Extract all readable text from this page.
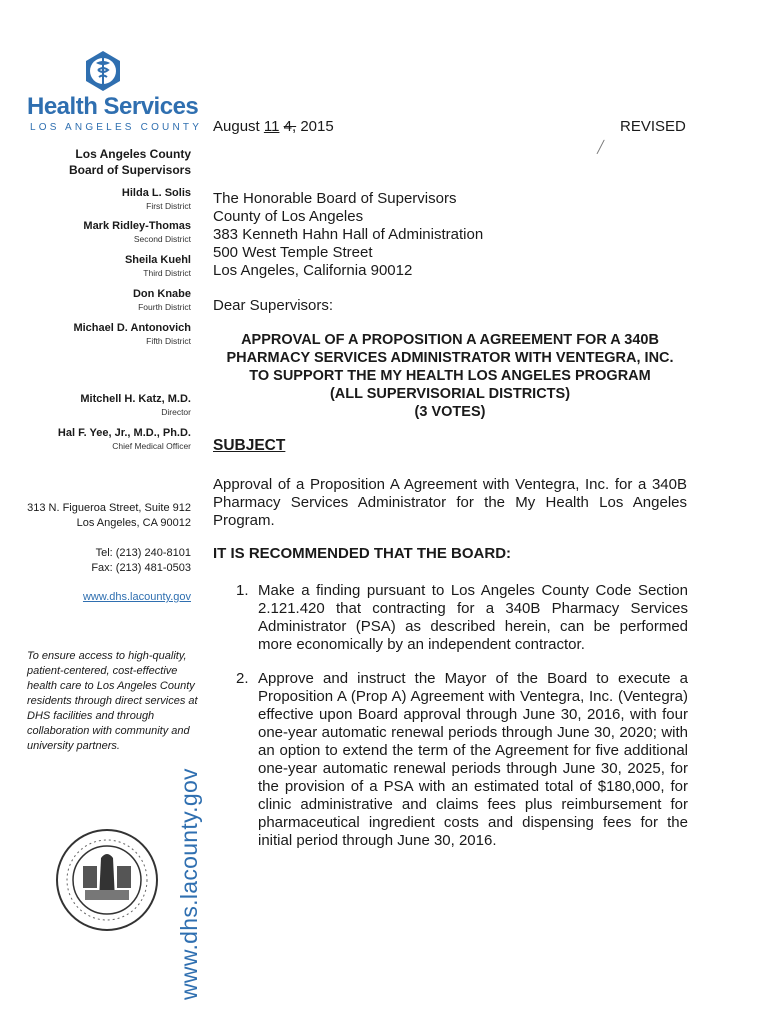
Health Services
LOS ANGELES COUNTY
Los Angeles County
Board of Supervisors
Hilda L. Solis
First District
Mark Ridley-Thomas
Second District
Sheila Kuehl
Third District
Don Knabe
Fourth District
Michael D. Antonovich
Fifth District
Mitchell H. Katz, M.D.
Director
Hal F. Yee, Jr., M.D., Ph.D.
Chief Medical Officer
313 N. Figueroa Street, Suite 912
Los Angeles, CA 90012
Tel: (213) 240-8101
Fax: (213) 481-0503
www.dhs.lacounty.gov
To ensure access to high-quality, patient-centered, cost-effective health care to Los Angeles County residents through direct services at DHS facilities and through collaboration with community and university partners.
www.dhs.lacounty.gov
August 11 4, 2015	REVISED
╱
The Honorable Board of Supervisors
County of Los Angeles
383 Kenneth Hahn Hall of Administration
500 West Temple Street
Los Angeles, California 90012
Dear Supervisors:
APPROVAL OF A PROPOSITION A AGREEMENT FOR A 340B
PHARMACY SERVICES ADMINISTRATOR WITH VENTEGRA, INC.
TO SUPPORT THE MY HEALTH LOS ANGELES PROGRAM
(ALL SUPERVISORIAL DISTRICTS)
(3 VOTES)
SUBJECT
Approval of a Proposition A Agreement with Ventegra, Inc. for a 340B Pharmacy Services Administrator for the My Health Los Angeles Program.
IT IS RECOMMENDED THAT THE BOARD:
1. Make a finding pursuant to Los Angeles County Code Section 2.121.420 that contracting for a 340B Pharmacy Services Administrator (PSA) as described herein, can be performed more economically by an independent contractor.
2. Approve and instruct the Mayor of the Board to execute a Proposition A (Prop A) Agreement with Ventegra, Inc. (Ventegra) effective upon Board approval through June 30, 2016, with four one-year automatic renewal periods through June 30, 2020; with an option to extend the term of the Agreement for five additional one-year automatic renewal periods through June 30, 2025, for the provision of a PSA with an estimated total of $180,000, for clinic administrative and claims fees plus reimbursement for pharmaceutical ingredient costs and dispensing fees for the initial period through June 30, 2016.
